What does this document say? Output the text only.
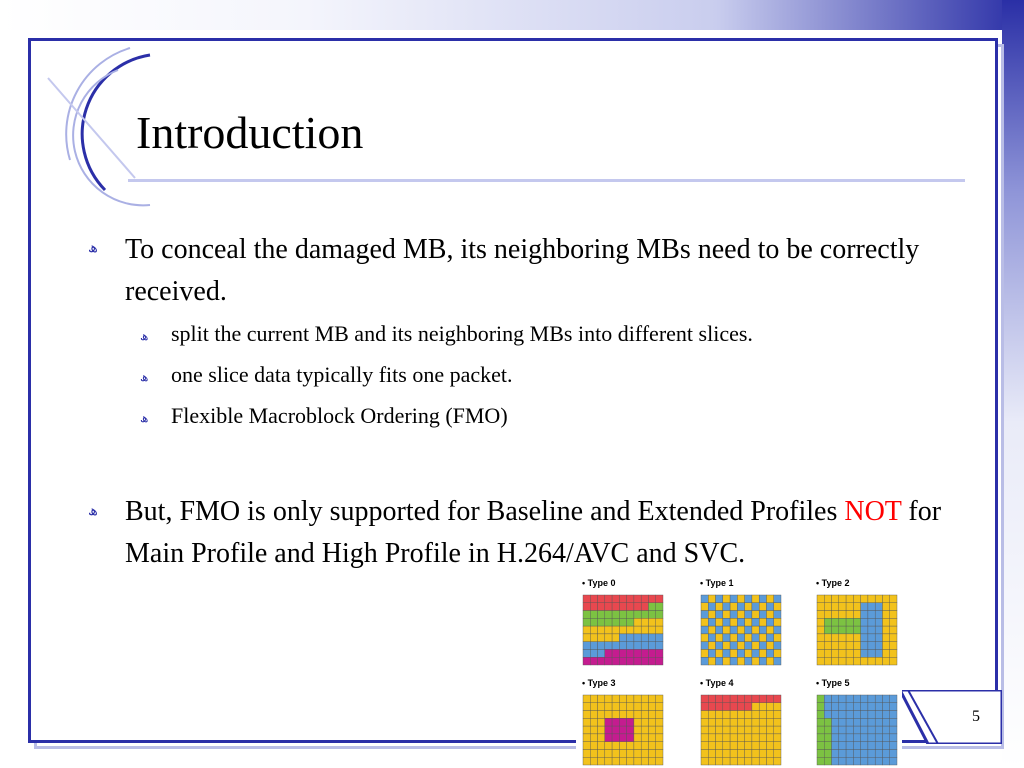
Introduction
ھ To conceal the damaged MB, its neighboring MBs need to be correctly received.
ھ split the current MB and its neighboring MBs into different slices.
ھ one slice data typically fits one packet.
ھ Flexible Macroblock Ordering (FMO)
ھ But, FMO is only supported for Baseline and Extended Profiles NOT for Main Profile and High Profile in H.264/AVC and SVC.
5
• Type 0	• Type 1	• Type 2
• Type 3	• Type 4	• Type 5
